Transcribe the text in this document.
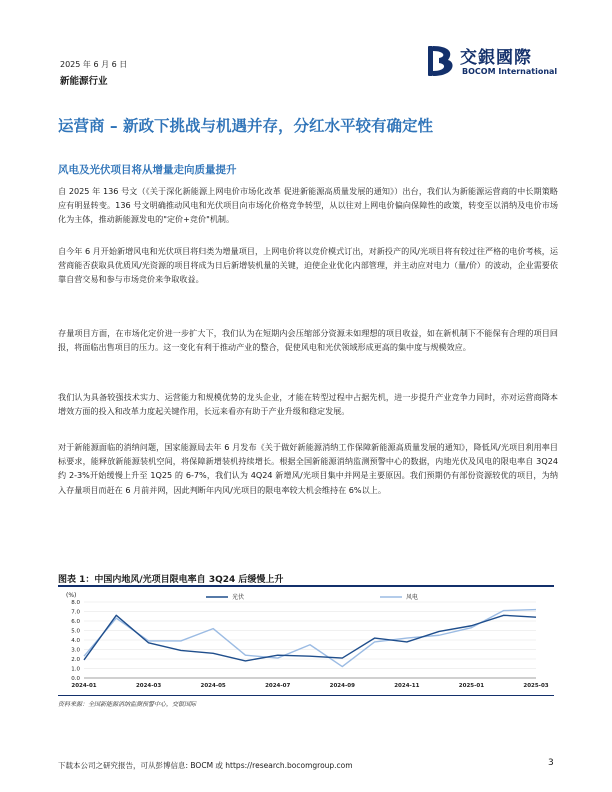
2025 年 6 月 6 日
新能源行业
交銀國際
BOCOM International
运营商 – 新政下挑战与机遇并存，分红水平较有确定性
风电及光伏项目将从增量走向质量提升
自 2025 年 136 号文（《关于深化新能源上网电价市场化改革 促进新能源高质量发展的通知》）出台，我们认为新能源运营商的中长期策略应有明显转变。136 号文明确推动风电和光伏项目向市场化价格竞争转型，从以往对上网电价偏向保障性的政策，转变至以消纳及电价市场化为主体，推动新能源发电的"定价+竞价"机制。
自今年 6 月开始新增风电和光伏项目将归类为增量项目，上网电价将以竞价模式订出，对新投产的风/光项目将有较过往严格的电价考核，运营商能否获取具优质风/光资源的项目将成为日后新增装机量的关键，迫使企业优化内部管理，并主动应对电力（量/价）的波动，企业需要依靠自营交易和参与市场竞价来争取收益。
存量项目方面，在市场化定价进一步扩大下，我们认为在短期内会压缩部分资源未如理想的项目收益，如在新机制下不能保有合理的项目回报，将面临出售项目的压力。这一变化有利于推动产业的整合，促使风电和光伏领域形成更高的集中度与规模效应。
我们认为具备较强技术实力、运营能力和规模优势的龙头企业，才能在转型过程中占据先机，进一步提升产业竞争力同时，亦对运营商降本增效方面的投入和改革力度起关键作用，长远来看亦有助于产业升级和稳定发展。
对于新能源面临的消纳问题，国家能源局去年 6 月发布《关于做好新能源消纳工作保障新能源高质量发展的通知》，降低风/光项目利用率目标要求，能释放新能源装机空间，将保障新增装机持续增长。根据全国新能源消纳监测预警中心的数据，内地光伏及风电的限电率自 3Q24 约 2-3%开始缓慢上升至 1Q25 的 6-7%，我们认为 4Q24 新增风/光项目集中并网是主要原因。我们预期仍有部份资源较优的项目，为纳入存量项目而赶在 6 月前并网，因此判断年内风/光项目的限电率较大机会维持在 6%以上。
图表 1：中国内地风/光项目限电率自 3Q24 后缓慢上升
(%)
0.0
1.0
2.0
3.0
4.0
5.0
6.0
7.0
8.0
2024-01	2024-03	2024-05	2024-07	2024-09	2024-11	2025-01	2025-03
光伏	风电
资料来源：全国新能源消纳监测预警中心，交银国际
下载本公司之研究报告，可从彭博信息: BOCM 或 https://research.bocomgroup.com	3
